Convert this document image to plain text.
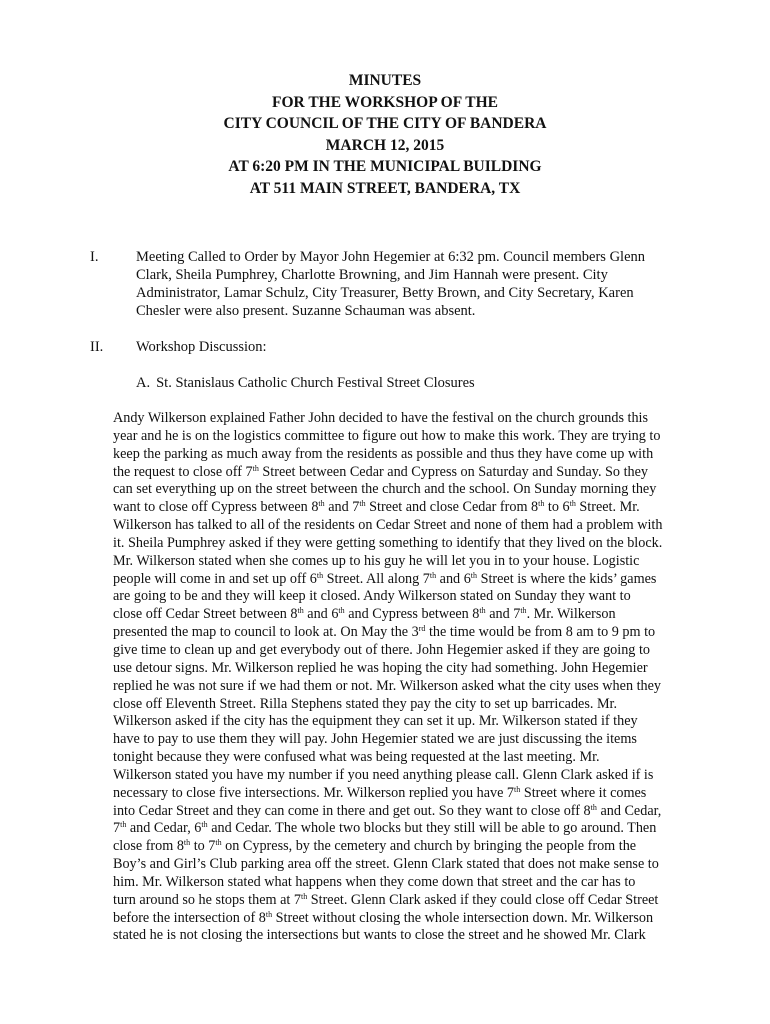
MINUTES
FOR THE WORKSHOP OF THE
CITY COUNCIL OF THE CITY OF BANDERA
MARCH 12, 2015
AT 6:20 PM IN THE MUNICIPAL BUILDING
AT 511 MAIN STREET, BANDERA, TX
I.	Meeting Called to Order by Mayor John Hegemier at 6:32 pm. Council members Glenn
Clark, Sheila Pumphrey, Charlotte Browning, and Jim Hannah were present. City
Administrator, Lamar Schulz, City Treasurer, Betty Brown, and City Secretary, Karen
Chesler were also present. Suzanne Schauman was absent.
II. Workshop Discussion:
A. St. Stanislaus Catholic Church Festival Street Closures
Andy Wilkerson explained Father John decided to have the festival on the church grounds this
year and he is on the logistics committee to figure out how to make this work. They are trying to
keep the parking as much away from the residents as possible and thus they have come up with
the request to close off 7th Street between Cedar and Cypress on Saturday and Sunday. So they
can set everything up on the street between the church and the school. On Sunday morning they
want to close off Cypress between 8th and 7th Street and close Cedar from 8th to 6th Street. Mr.
Wilkerson has talked to all of the residents on Cedar Street and none of them had a problem with
it. Sheila Pumphrey asked if they were getting something to identify that they lived on the block.
Mr. Wilkerson stated when she comes up to his guy he will let you in to your house. Logistic
people will come in and set up off 6th Street. All along 7th and 6th Street is where the kids’ games
are going to be and they will keep it closed. Andy Wilkerson stated on Sunday they want to
close off Cedar Street between 8th and 6th and Cypress between 8th and 7th. Mr. Wilkerson
presented the map to council to look at. On May the 3rd the time would be from 8 am to 9 pm to
give time to clean up and get everybody out of there. John Hegemier asked if they are going to
use detour signs. Mr. Wilkerson replied he was hoping the city had something. John Hegemier
replied he was not sure if we had them or not. Mr. Wilkerson asked what the city uses when they
close off Eleventh Street. Rilla Stephens stated they pay the city to set up barricades. Mr.
Wilkerson asked if the city has the equipment they can set it up. Mr. Wilkerson stated if they
have to pay to use them they will pay. John Hegemier stated we are just discussing the items
tonight because they were confused what was being requested at the last meeting. Mr.
Wilkerson stated you have my number if you need anything please call. Glenn Clark asked if is
necessary to close five intersections. Mr. Wilkerson replied you have 7th Street where it comes
into Cedar Street and they can come in there and get out. So they want to close off 8th and Cedar,
7th and Cedar, 6th and Cedar. The whole two blocks but they still will be able to go around. Then
close from 8th to 7th on Cypress, by the cemetery and church by bringing the people from the
Boy’s and Girl’s Club parking area off the street. Glenn Clark stated that does not make sense to
him. Mr. Wilkerson stated what happens when they come down that street and the car has to
turn around so he stops them at 7th Street. Glenn Clark asked if they could close off Cedar Street
before the intersection of 8th Street without closing the whole intersection down. Mr. Wilkerson
stated he is not closing the intersections but wants to close the street and he showed Mr. Clark
